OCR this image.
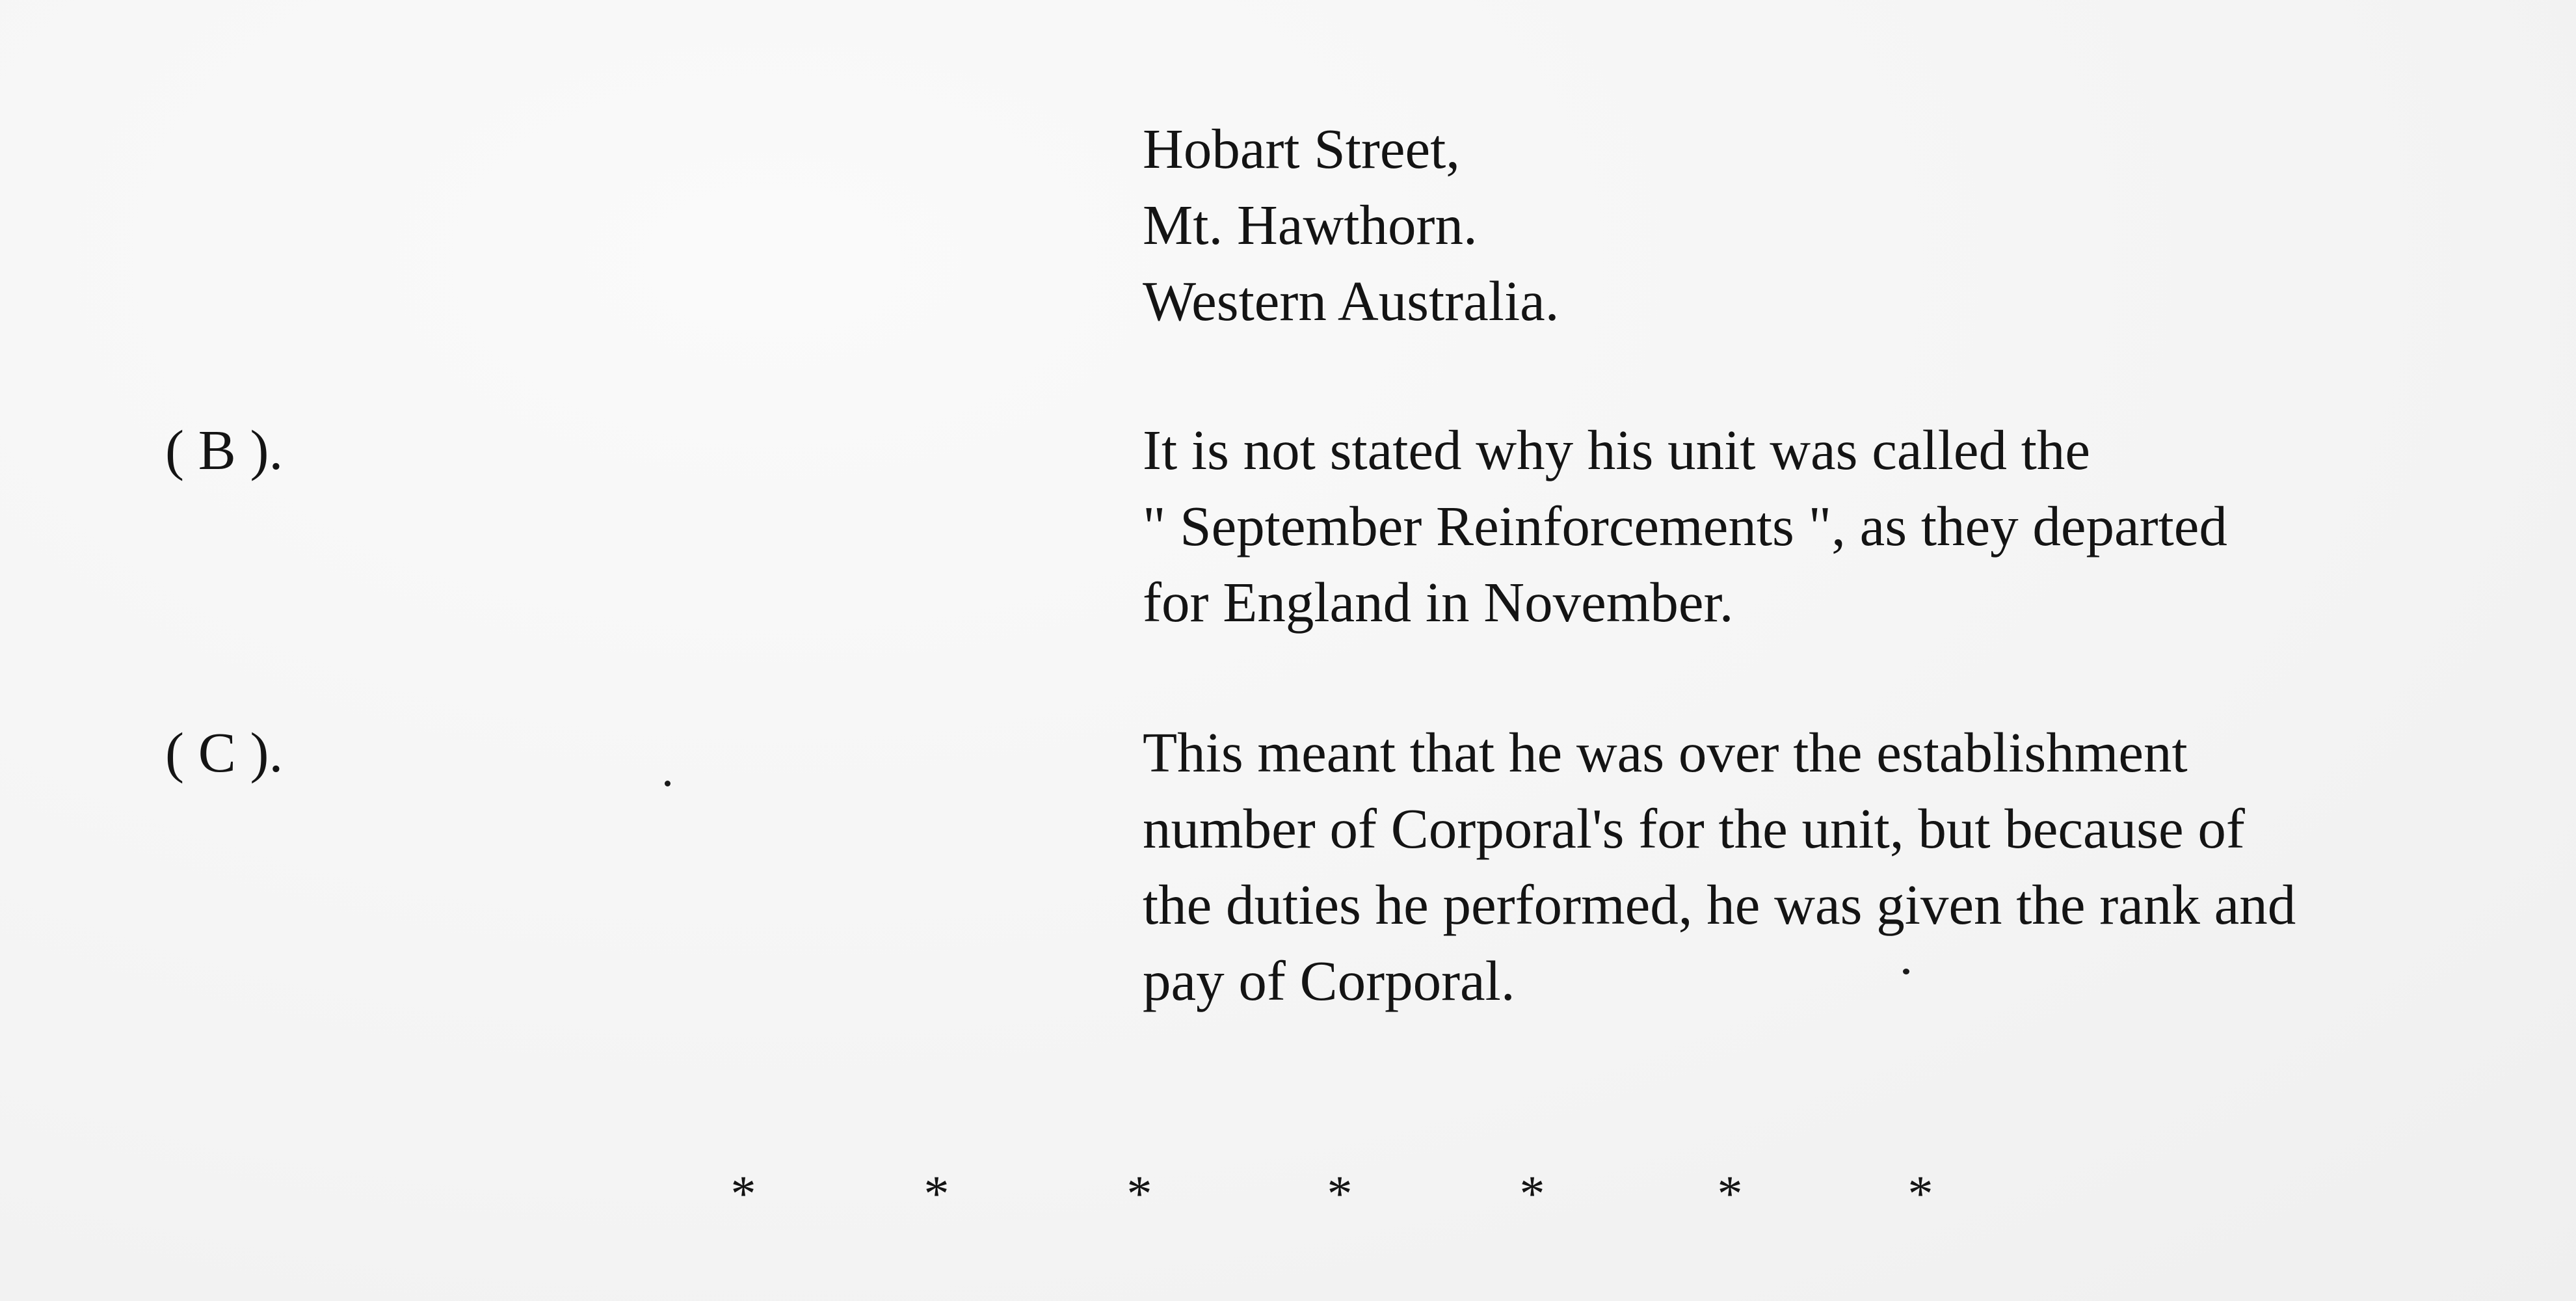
Hobart Street,
Mt. Hawthorn.
Western Australia.
( B ).	It is not stated why his unit was called the
" September Reinforcements ", as they departed
for England in November.
( C ).	This meant that he was over the establishment
number of Corporal's for the unit, but because of
the duties he performed, he was given the rank and
pay of Corporal.
*	*	*	*	*	*	*
